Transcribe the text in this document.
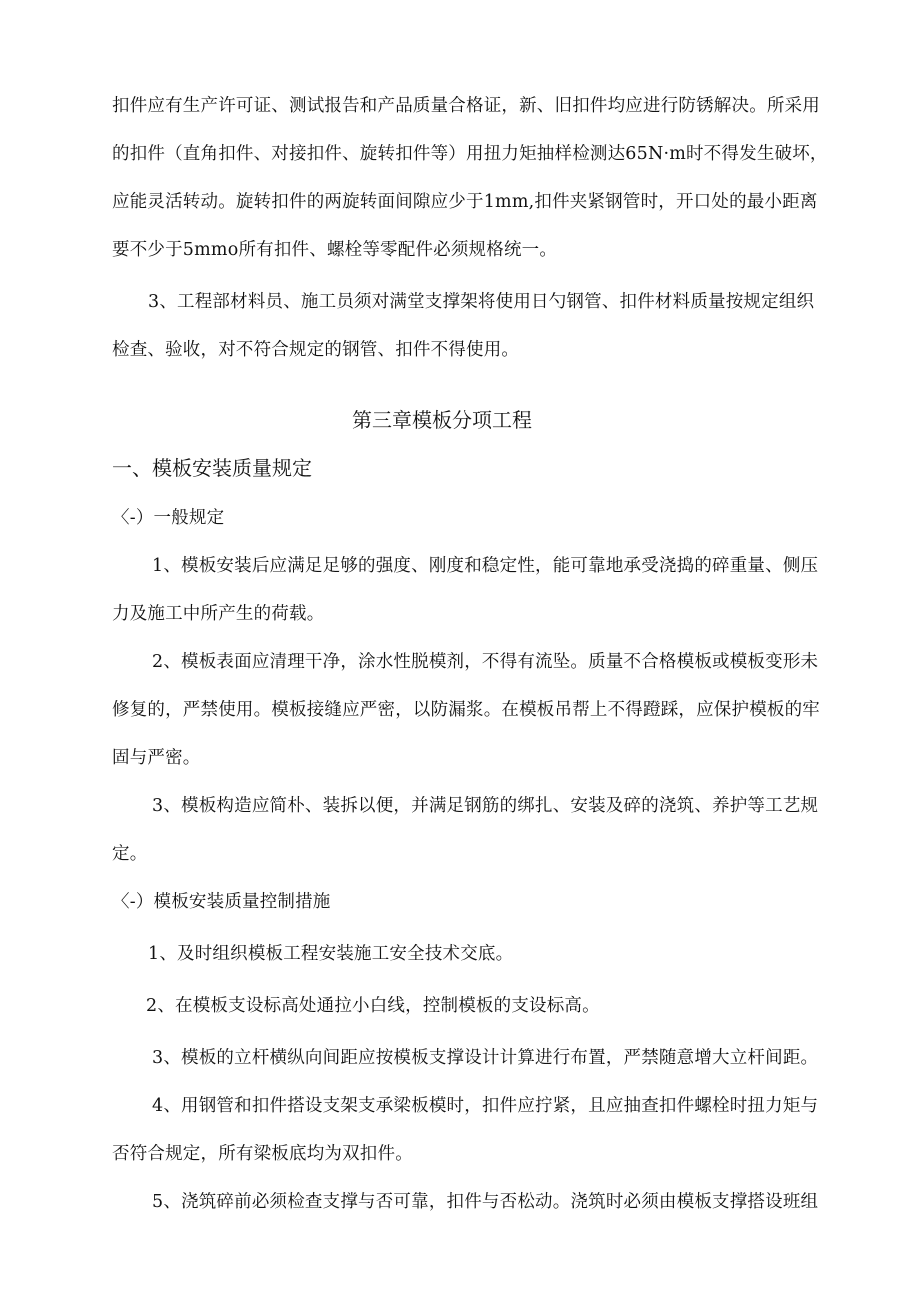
扣件应有生产许可证、测试报告和产品质量合格证，新、旧扣件均应进行防锈解决。所采用
的扣件（直角扣件、对接扣件、旋转扣件等）用扭力矩抽样检测达65N·m时不得发生破坏，
应能灵活转动。旋转扣件的两旋转面间隙应少于1mm,扣件夹紧钢管时，开口处的最小距离
要不少于5mmo所有扣件、螺栓等零配件必须规格统一。
3、工程部材料员、施工员须对满堂支撑架将使用日勺钢管、扣件材料质量按规定组织
检查、验收，对不符合规定的钢管、扣件不得使用。
第三章模板分项工程
一、模板安装质量规定
〈-）一般规定
1、模板安装后应满足足够的强度、刚度和稳定性，能可靠地承受浇捣的碎重量、侧压
力及施工中所产生的荷载。
2、模板表面应清理干净，涂水性脱模剂，不得有流坠。质量不合格模板或模板变形未
修复的，严禁使用。模板接缝应严密，以防漏浆。在模板吊帮上不得蹬踩，应保护模板的牢
固与严密。
3、模板构造应简朴、装拆以便，并满足钢筋的绑扎、安装及碎的浇筑、养护等工艺规
定。
〈-）模板安装质量控制措施
1、及时组织模板工程安装施工安全技术交底。
2、在模板支设标高处通拉小白线，控制模板的支设标高。
3、模板的立杆横纵向间距应按模板支撑设计计算进行布置，严禁随意增大立杆间距。
4、用钢管和扣件搭设支架支承梁板模时，扣件应拧紧，且应抽查扣件螺栓时扭力矩与
否符合规定，所有梁板底均为双扣件。
5、浇筑碎前必须检查支撑与否可靠，扣件与否松动。浇筑时必须由模板支撑搭设班组
